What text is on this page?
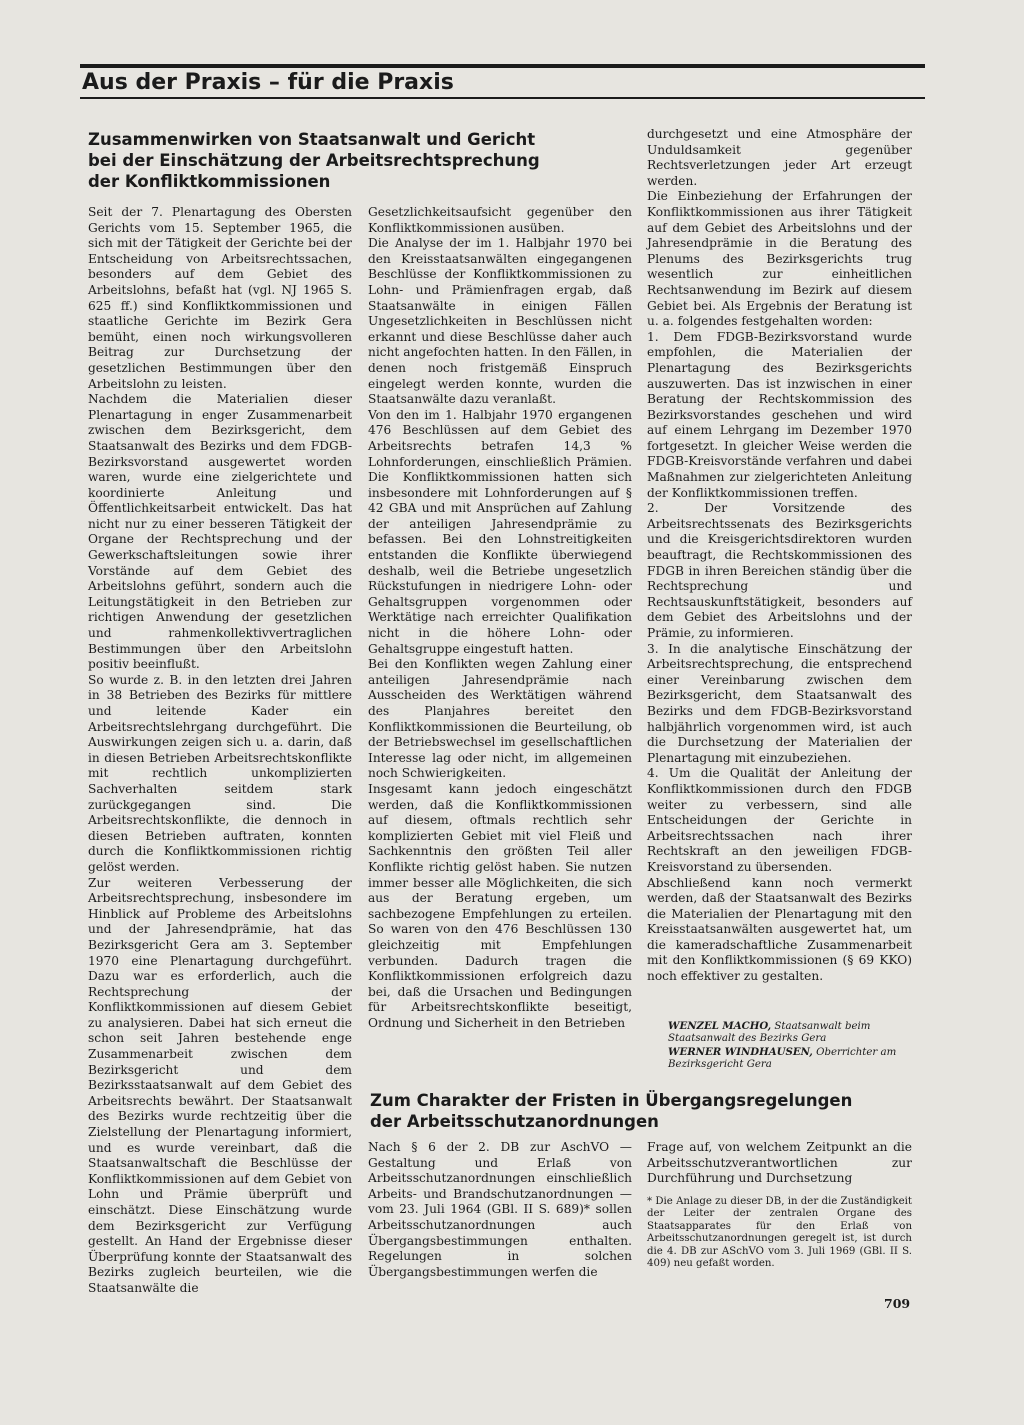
Aus der Praxis – für die Praxis
Zusammenwirken von Staatsanwalt und Gericht
bei der Einschätzung der Arbeitsrechtsprechung
der Konfliktkommissionen

Seit der 7. Plenartagung des Obersten Gerichts vom 15. September 1965, die sich mit der Tätigkeit der Gerichte bei der Entscheidung von Arbeitsrechtssachen, besonders auf dem Gebiet des Arbeitslohns, befaßt hat (vgl. NJ 1965 S. 625 ff.) sind Konfliktkommissionen und staatliche Gerichte im Bezirk Gera bemüht, einen noch wirkungsvolleren Beitrag zur Durchsetzung der gesetzlichen Bestimmungen über den Arbeitslohn zu leisten.

Nachdem die Materialien dieser Plenartagung in enger Zusammenarbeit zwischen dem Bezirksgericht, dem Staatsanwalt des Bezirks und dem FDGB-Bezirksvorstand ausgewertet worden waren, wurde eine zielgerichtete und koordinierte Anleitung und Öffentlichkeitsarbeit entwickelt. Das hat nicht nur zu einer besseren Tätigkeit der Organe der Rechtsprechung und der Gewerkschaftsleitungen sowie ihrer Vorstände auf dem Gebiet des Arbeitslohns geführt, sondern auch die Leitungstätigkeit in den Betrieben zur richtigen Anwendung der gesetzlichen und rahmenkollektivvertraglichen Bestimmungen über den Arbeitslohn positiv beeinflußt.

So wurde z. B. in den letzten drei Jahren in 38 Betrieben des Bezirks für mittlere und leitende Kader ein Arbeitsrechtslehrgang durchgeführt. Die Auswirkungen zeigen sich u. a. darin, daß in diesen Betrieben Arbeitsrechtskonflikte mit rechtlich unkomplizierten Sachverhalten seitdem stark zurückgegangen sind. Die Arbeitsrechtskonflikte, die dennoch in diesen Betrieben auftraten, konnten durch die Konfliktkommissionen richtig gelöst werden.

Zur weiteren Verbesserung der Arbeitsrechtsprechung, insbesondere im Hinblick auf Probleme des Arbeitslohns und der Jahresendprämie, hat das Bezirksgericht Gera am 3. September 1970 eine Plenartagung durchgeführt. Dazu war es erforderlich, auch die Rechtsprechung der Konfliktkommissionen auf diesem Gebiet zu analysieren. Dabei hat sich erneut die schon seit Jahren bestehende enge Zusammenarbeit zwischen dem Bezirksgericht und dem Bezirksstaatsanwalt auf dem Gebiet des Arbeitsrechts bewährt. Der Staatsanwalt des Bezirks wurde rechtzeitig über die Zielstellung der Plenartagung informiert, und es wurde vereinbart, daß die Staatsanwaltschaft die Beschlüsse der Konfliktkommissionen auf dem Gebiet von Lohn und Prämie überprüft und einschätzt. Diese Einschätzung wurde dem Bezirksgericht zur Verfügung gestellt. An Hand der Ergebnisse dieser Überprüfung konnte der Staatsanwalt des Bezirks zugleich beurteilen, wie die Staatsanwälte die

Gesetzlichkeitsaufsicht gegenüber den Konfliktkommissionen ausüben.

Die Analyse der im 1. Halbjahr 1970 bei den Kreisstaatsanwälten eingegangenen Beschlüsse der Konfliktkommissionen zu Lohn- und Prämienfragen ergab, daß Staatsanwälte in einigen Fällen Ungesetzlichkeiten in Beschlüssen nicht erkannt und diese Beschlüsse daher auch nicht angefochten hatten. In den Fällen, in denen noch fristgemäß Einspruch eingelegt werden konnte, wurden die Staatsanwälte dazu veranlaßt.

Von den im 1. Halbjahr 1970 ergangenen 476 Beschlüssen auf dem Gebiet des Arbeitsrechts betrafen 14,3 % Lohnforderungen, einschließlich Prämien. Die Konfliktkommissionen hatten sich insbesondere mit Lohnforderungen auf § 42 GBA und mit Ansprüchen auf Zahlung der anteiligen Jahresendprämie zu befassen. Bei den Lohnstreitigkeiten entstanden die Konflikte überwiegend deshalb, weil die Betriebe ungesetzlich Rückstufungen in niedrigere Lohn- oder Gehaltsgruppen vorgenommen oder Werktätige nach erreichter Qualifikation nicht in die höhere Lohn- oder Gehaltsgruppe eingestuft hatten.

Bei den Konflikten wegen Zahlung einer anteiligen Jahresendprämie nach Ausscheiden des Werktätigen während des Planjahres bereitet den Konfliktkommissionen die Beurteilung, ob der Betriebswechsel im gesellschaftlichen Interesse lag oder nicht, im allgemeinen noch Schwierigkeiten.

Insgesamt kann jedoch eingeschätzt werden, daß die Konfliktkommissionen auf diesem, oftmals rechtlich sehr komplizierten Gebiet mit viel Fleiß und Sachkenntnis den größten Teil aller Konflikte richtig gelöst haben. Sie nutzen immer besser alle Möglichkeiten, die sich aus der Beratung ergeben, um sachbezogene Empfehlungen zu erteilen. So waren von den 476 Beschlüssen 130 gleichzeitig mit Empfehlungen verbunden. Dadurch tragen die Konfliktkommissionen erfolgreich dazu bei, daß die Ursachen und Bedingungen für Arbeitsrechtskonflikte beseitigt, Ordnung und Sicherheit in den Betrieben

durchgesetzt und eine Atmosphäre der Unduldsamkeit gegenüber Rechtsverletzungen jeder Art erzeugt werden.

Die Einbeziehung der Erfahrungen der Konfliktkommissionen aus ihrer Tätigkeit auf dem Gebiet des Arbeitslohns und der Jahresendprämie in die Beratung des Plenums des Bezirksgerichts trug wesentlich zur einheitlichen Rechtsanwendung im Bezirk auf diesem Gebiet bei. Als Ergebnis der Beratung ist u. a. folgendes festgehalten worden:

1. Dem FDGB-Bezirksvorstand wurde empfohlen, die Materialien der Plenartagung des Bezirksgerichts auszuwerten. Das ist inzwischen in einer Beratung der Rechtskommission des Bezirksvorstandes geschehen und wird auf einem Lehrgang im Dezember 1970 fortgesetzt. In gleicher Weise werden die FDGB-Kreisvorstände verfahren und dabei Maßnahmen zur zielgerichteten Anleitung der Konfliktkommissionen treffen.

2. Der Vorsitzende des Arbeitsrechtssenats des Bezirksgerichts und die Kreisgerichtsdirektoren wurden beauftragt, die Rechtskommissionen des FDGB in ihren Bereichen ständig über die Rechtsprechung und Rechtsauskunftstätigkeit, besonders auf dem Gebiet des Arbeitslohns und der Prämie, zu informieren.

3. In die analytische Einschätzung der Arbeitsrechtsprechung, die entsprechend einer Vereinbarung zwischen dem Bezirksgericht, dem Staatsanwalt des Bezirks und dem FDGB-Bezirksvorstand halbjährlich vorgenommen wird, ist auch die Durchsetzung der Materialien der Plenartagung mit einzubeziehen.

4. Um die Qualität der Anleitung der Konfliktkommissionen durch den FDGB weiter zu verbessern, sind alle Entscheidungen der Gerichte in Arbeitsrechtssachen nach ihrer Rechtskraft an den jeweiligen FDGB-Kreisvorstand zu übersenden.

Abschließend kann noch vermerkt werden, daß der Staatsanwalt des Bezirks die Materialien der Plenartagung mit den Kreisstaatsanwälten ausgewertet hat, um die kameradschaftliche Zusammenarbeit mit den Konfliktkommissionen (§ 69 KKO) noch effektiver zu gestalten.

WENZEL MACHO, Staatsanwalt beim Staatsanwalt des Bezirks Gera

WERNER WINDHAUSEN, Oberrichter am Bezirksgericht Gera

Zum Charakter der Fristen in Übergangsregelungen
der Arbeitsschutzanordnungen

Nach § 6 der 2. DB zur AschVO — Gestaltung und Erlaß von Arbeitsschutzanordnungen einschließlich Arbeits- und Brandschutzanordnungen — vom 23. Juli 1964 (GBl. II S. 689)* sollen Arbeitsschutzanordnungen auch Übergangsbestimmungen enthalten. Regelungen in solchen Übergangsbestimmungen werfen die

Frage auf, von welchem Zeitpunkt an die Arbeitsschutzverantwortlichen zur Durchführung und Durchsetzung

* Die Anlage zu dieser DB, in der die Zuständigkeit der Leiter der zentralen Organe des Staatsapparates für den Erlaß von Arbeitsschutzanordnungen geregelt ist, ist durch die 4. DB zur ASchVO vom 3. Juli 1969 (GBl. II S. 409) neu gefaßt worden.

709
